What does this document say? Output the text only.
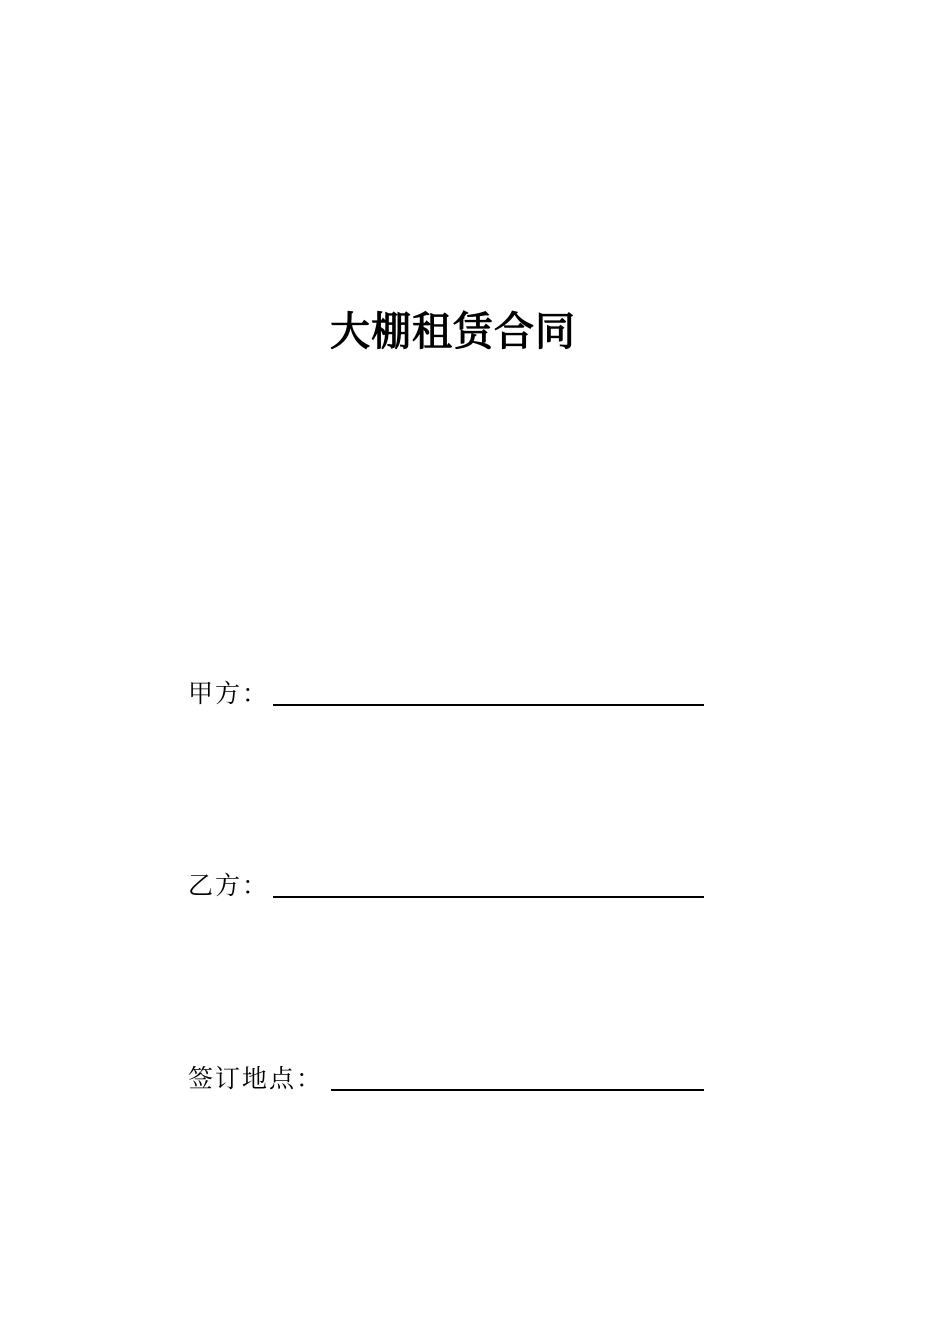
大棚租赁合同
甲方：
乙方：
签订地点：
